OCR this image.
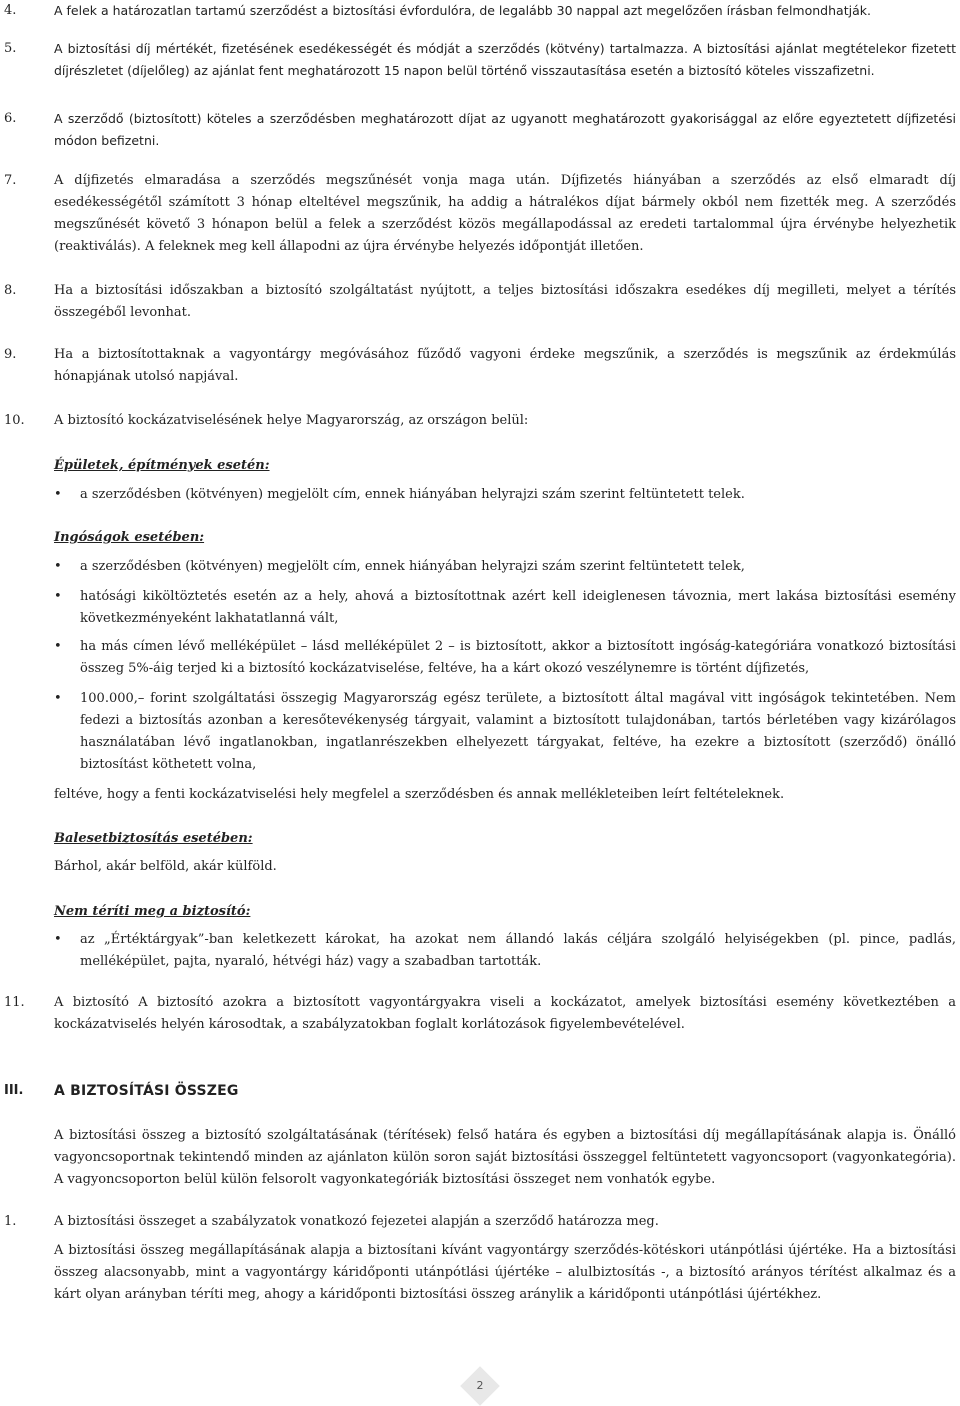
4.	A felek a határozatlan tartamú szerződést a biztosítási évfordulóra, de legalább 30 nappal azt megelőzően írásban felmondhatják.
5.	A biztosítási díj mértékét, fizetésének esedékességét és módját a szerződés (kötvény) tartalmazza. A biztosítási ajánlat megtételekor fizetett díjrészletet (díjelőleg) az ajánlat fent meghatározott 15 napon belül történő visszautasítása esetén a biztosító köteles visszafizetni.
6.	A szerződő (biztosított) köteles a szerződésben meghatározott díjat az ugyanott meghatározott gyakorisággal az előre egyeztetett díjfizetési módon befizetni.
7.	A díjfizetés elmaradása a szerződés megszűnését vonja maga után. Díjfizetés hiányában a szerződés az első elmaradt díj esedékességétől számított 3 hónap elteltével megszűnik, ha addig a hátralékos díjat bármely okból nem fizették meg. A szerződés megszűnését követő 3 hónapon belül a felek a szerződést közös megállapodással az eredeti tartalommal újra érvénybe helyezhetik (reaktiválás). A feleknek meg kell állapodni az újra érvénybe helyezés időpontját illetően.
8.	Ha a biztosítási időszakban a biztosító szolgáltatást nyújtott, a teljes biztosítási időszakra esedékes díj megilleti, melyet a térítés összegéből levonhat.
9.	Ha a biztosítottaknak a vagyontárgy megóvásához fűződő vagyoni érdeke megszűnik, a szerződés is megszűnik az érdekmúlás hónapjának utolsó napjával.
10. A biztosító kockázatviselésének helye Magyarország, az országon belül:
Épületek, építmények esetén:
• a szerződésben (kötvényen) megjelölt cím, ennek hiányában helyrajzi szám szerint feltüntetett telek.
Ingóságok esetében:
• a szerződésben (kötvényen) megjelölt cím, ennek hiányában helyrajzi szám szerint feltüntetett telek,
• hatósági kiköltöztetés esetén az a hely, ahová a biztosítottnak azért kell ideiglenesen távoznia, mert lakása biztosítási esemény következményeként lakhatatlanná vált,
• ha más címen lévő melléképület – lásd melléképület 2 – is biztosított, akkor a biztosított ingóság-kategóriára vonatkozó biztosítási összeg 5%-áig terjed ki a biztosító kockázatviselése, feltéve, ha a kárt okozó veszélynemre is történt díjfizetés,
• 100.000,– forint szolgáltatási összegig Magyarország egész területe, a biztosított által magával vitt ingóságok tekintetében. Nem fedezi a biztosítás azonban a keresőtevékenység tárgyait, valamint a biztosított tulajdonában, tartós bérletében vagy kizárólagos használatában lévő ingatlanokban, ingatlanrészekben elhelyezett tárgyakat, feltéve, ha ezekre a biztosított (szerződő) önálló biztosítást köthetett volna,
feltéve, hogy a fenti kockázatviselési hely megfelel a szerződésben és annak mellékleteiben leírt feltételeknek.
Balesetbiztosítás esetében:
Bárhol, akár belföld, akár külföld.
Nem téríti meg a biztosító:
• az „Értéktárgyak”-ban keletkezett károkat, ha azokat nem állandó lakás céljára szolgáló helyiségekben (pl. pince, padlás, melléképület, pajta, nyaraló, hétvégi ház) vagy a szabadban tartották.
11. A biztosító A biztosító azokra a biztosított vagyontárgyakra viseli a kockázatot, amelyek biztosítási esemény következtében a kockázatviselés helyén károsodtak, a szabályzatokban foglalt korlátozások figyelembevételével.
III. A BIZTOSÍTÁSI ÖSSZEG
A biztosítási összeg a biztosító szolgáltatásának (térítések) felső határa és egyben a biztosítási díj megállapításának alapja is. Önálló vagyoncsoportnak tekintendő minden az ajánlaton külön soron saját biztosítási összeggel feltüntetett vagyoncsoport (vagyonkategória). A vagyoncsoporton belül külön felsorolt vagyonkategóriák biztosítási összeget nem vonhatók egybe.
1.	A biztosítási összeget a szabályzatok vonatkozó fejezetei alapján a szerződő határozza meg.
A biztosítási összeg megállapításának alapja a biztosítani kívánt vagyontárgy szerződés-kötéskori utánpótlási újértéke. Ha a biztosítási összeg alacsonyabb, mint a vagyontárgy káridőponti utánpótlási újértéke – alulbiztosítás -, a biztosító arányos térítést alkalmaz és a kárt olyan arányban téríti meg, ahogy a káridőponti biztosítási összeg aránylik a káridőponti utánpótlási újértékhez.
2
